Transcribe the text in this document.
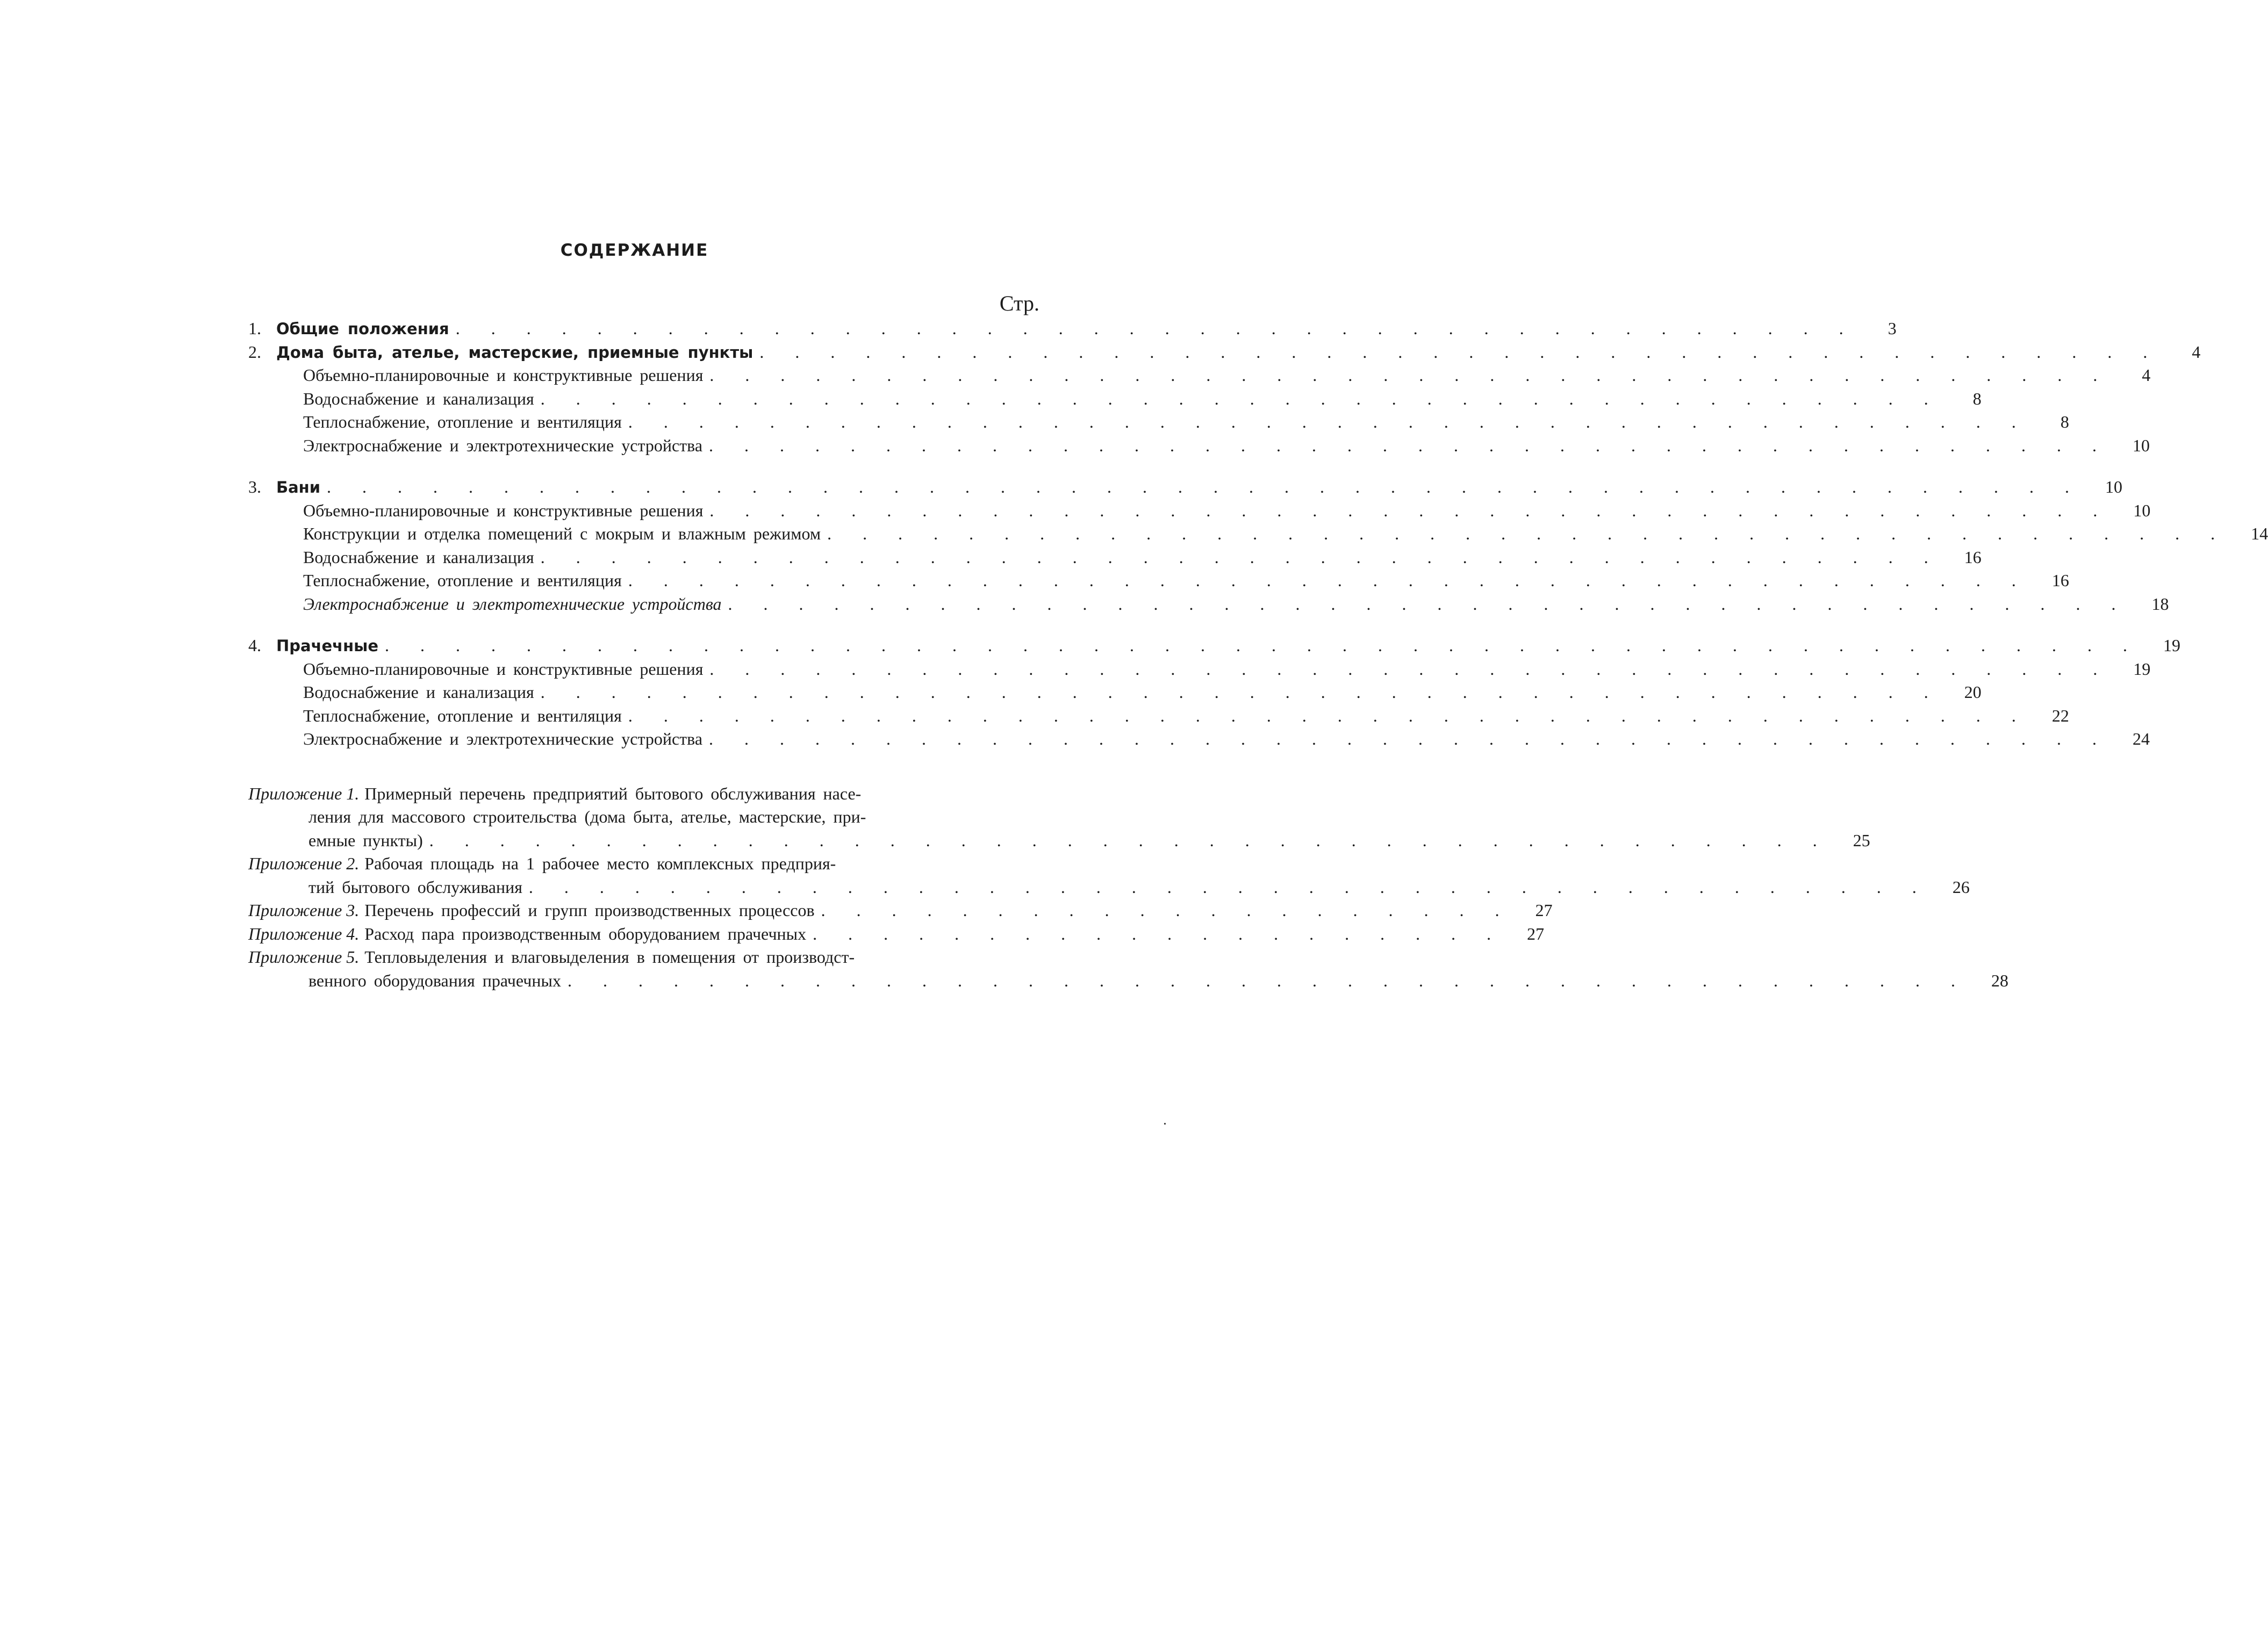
СОДЕРЖАНИЕ
Стр.
1. Общие положения . . . . . . . . . . . . . . . . . . . . . . . . . . . . . . . . . . . . . . . .	3
2. Дома быта, ателье, мастерские, приемные пункты . . . . . . . . . . . . . . . . . . . . . . . . . . . . . . . . . . . . . . . .	4
Объемно-планировочные и конструктивные решения . . . . . . . . . . . . . . . . . . . . . . . . . . . . . . . . . . . . . . . .	4
Водоснабжение и канализация . . . . . . . . . . . . . . . . . . . . . . . . . . . . . . . . . . . . . . . .	8
Теплоснабжение, отопление и вентиляция . . . . . . . . . . . . . . . . . . . . . . . . . . . . . . . . . . . . . . . .	8
Электроснабжение и электротехнические устройства . . . . . . . . . . . . . . . . . . . . . . . . . . . . . . . . . . . . . . . .	10
3. Бани . . . . . . . . . . . . . . . . . . . . . . . . . . . . . . . . . . . . . . . . . . . . . . . . . .	10
Объемно-планировочные и конструктивные решения . . . . . . . . . . . . . . . . . . . . . . . . . . . . . . . . . . . . . . . .	10
Конструкции и отделка помещений с мокрым и влажным режимом . . . . . . . . . . . . . . . . . . . . . . . . . . . . . . . . . . . . . . . .	14
Водоснабжение и канализация . . . . . . . . . . . . . . . . . . . . . . . . . . . . . . . . . . . . . . . .	16
Теплоснабжение, отопление и вентиляция . . . . . . . . . . . . . . . . . . . . . . . . . . . . . . . . . . . . . . . .	16
Электроснабжение и электротехнические устройства . . . . . . . . . . . . . . . . . . . . . . . . . . . . . . . . . . . . . . . .	18
4. Прачечные . . . . . . . . . . . . . . . . . . . . . . . . . . . . . . . . . . . . . . . . . . . . . . . . . .	19
Объемно-планировочные и конструктивные решения . . . . . . . . . . . . . . . . . . . . . . . . . . . . . . . . . . . . . . . .	19
Водоснабжение и канализация . . . . . . . . . . . . . . . . . . . . . . . . . . . . . . . . . . . . . . . .	20
Теплоснабжение, отопление и вентиляция . . . . . . . . . . . . . . . . . . . . . . . . . . . . . . . . . . . . . . . .	22
Электроснабжение и электротехнические устройства . . . . . . . . . . . . . . . . . . . . . . . . . . . . . . . . . . . . . . . .	24
Приложение 1. Примерный перечень предприятий бытового обслуживания насе-
ления для массового строительства (дома быта, ателье, мастерские, при-
емные пункты) . . . . . . . . . . . . . . . . . . . . . . . . . . . . . . . . . . . . . . . .	25
Приложение 2. Рабочая площадь на 1 рабочее место комплексных предприя-
тий бытового обслуживания . . . . . . . . . . . . . . . . . . . . . . . . . . . . . . . . . . . . . . . .	26
Приложение 3. Перечень профессий и групп производственных процессов . . . . . . . . . . . . . . . . . . . .	27
Приложение 4. Расход пара производственным оборудованием прачечных . . . . . . . . . . . . . . . . . . . .	27
Приложение 5. Тепловыделения и влаговыделения в помещения от производст-
венного оборудования прачечных . . . . . . . . . . . . . . . . . . . . . . . . . . . . . . . . . . . . . . . .	28
